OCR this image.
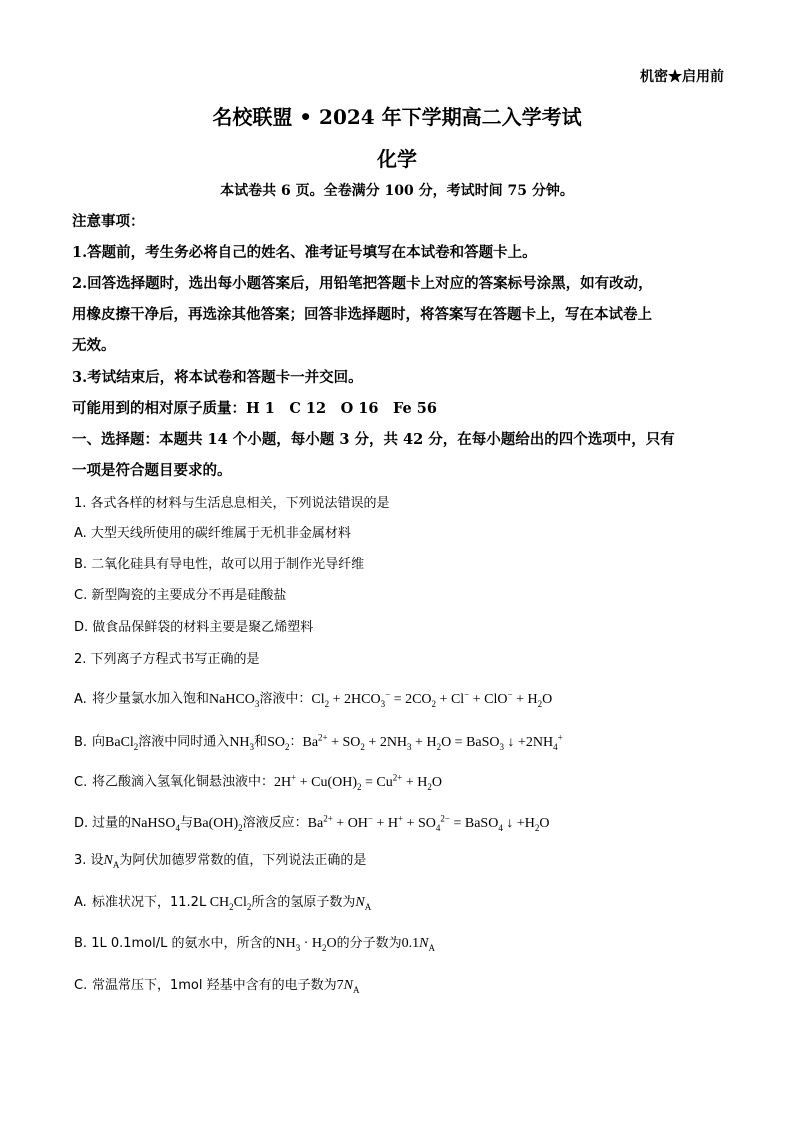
机密★启用前
名校联盟 • 2024 年下学期高二入学考试
化学
本试卷共 6 页。全卷满分 100 分，考试时间 75 分钟。
注意事项：
1.答题前，考生务必将自己的姓名、准考证号填写在本试卷和答题卡上。
2.回答选择题时，选出每小题答案后，用铅笔把答题卡上对应的答案标号涂黑，如有改动，
用橡皮擦干净后，再选涂其他答案；回答非选择题时，将答案写在答题卡上，写在本试卷上
无效。
3.考试结束后，将本试卷和答题卡一并交回。
可能用到的相对原子质量：H 1　C 12　O 16　Fe 56
一、选择题：本题共 14 个小题，每小题 3 分，共 42 分，在每小题给出的四个选项中，只有
一项是符合题目要求的。
1. 各式各样的材料与生活息息相关，下列说法错误的是
A. 大型天线所使用的碳纤维属于无机非金属材料
B. 二氧化硅具有导电性，故可以用于制作光导纤维
C. 新型陶瓷的主要成分不再是硅酸盐
D. 做食品保鲜袋的材料主要是聚乙烯塑料
2. 下列离子方程式书写正确的是
A. 将少量氯水加入饱和NaHCO$_3$溶液中：$Cl_2 + 2HCO_3^- = 2CO_2 + Cl^- + ClO^- + H_2O$
B. 向BaCl$_2$溶液中同时通入$NH_3$和$SO_2$：$Ba^{2+} + SO_2 + 2NH_3 + H_2O$ = BaSO$_3$ ↓ $+2NH_4^+$
C. 将乙酸滴入氢氧化铜悬浊液中：$2H^+ + Cu(OH)_2 = Cu^{2+} + H_2O$
D. 过量的NaHSO$_4$与$Ba(OH)_2$溶液反应：$Ba^{2+} + OH^- + H^+ + SO_4^{2-}$ = BaSO$_4$ ↓ $+H_2O$
3. 设$N_A$为阿伏加德罗常数的值，下列说法正确的是
A. 标准状况下，11.2L $CH_2Cl_2$所含的氢原子数为$N_A$
B. 1L 0.1mol/L 的氨水中，所含的$NH_3 \cdot H_2O$的分子数为$0.1N_A$
C. 常温常压下，1mol 羟基中含有的电子数为$7N_A$
